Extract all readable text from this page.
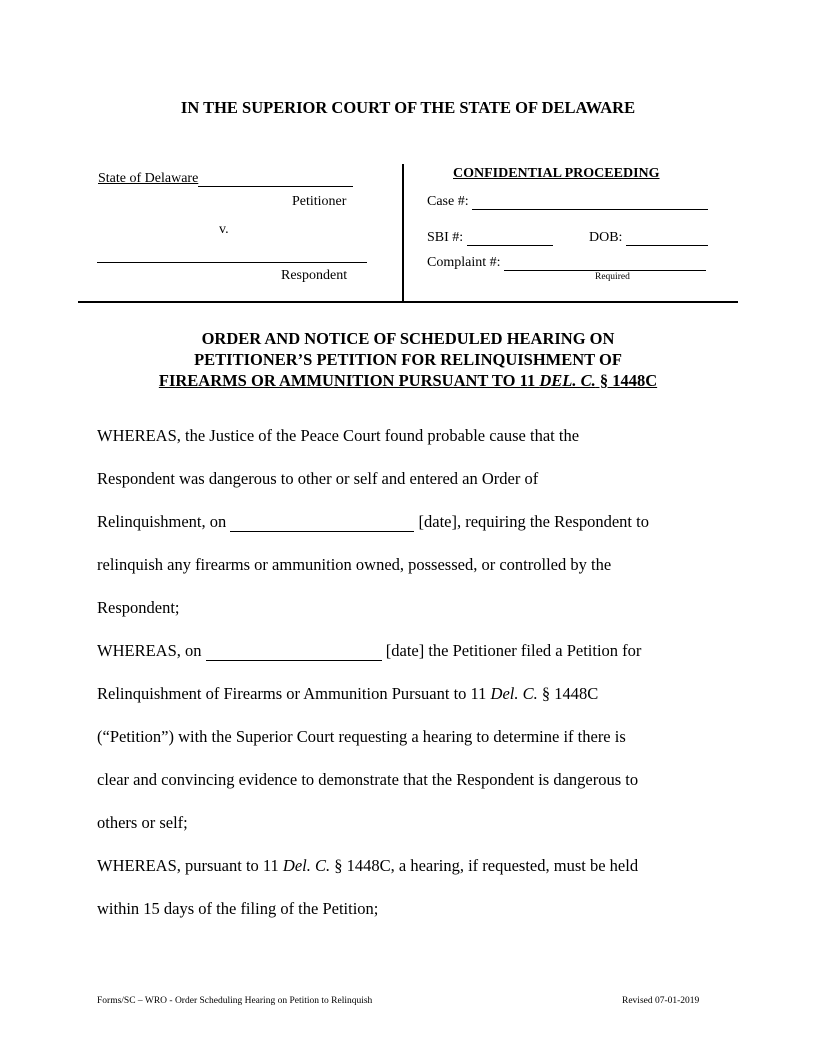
IN THE SUPERIOR COURT OF THE STATE OF DELAWARE
State of Delaware
Petitioner
v.
Respondent
CONFIDENTIAL PROCEEDING
Case #:
SBI #:	DOB:
Complaint #:
Required
ORDER AND NOTICE OF SCHEDULED HEARING ON
PETITIONER’S PETITION FOR RELINQUISHMENT OF
FIREARMS OR AMMUNITION PURSUANT TO 11 DEL. C. § 1448C
WHEREAS, the Justice of the Peace Court found probable cause that the
Respondent was dangerous to other or self and entered an Order of
Relinquishment, on	[date], requiring the Respondent to
relinquish any firearms or ammunition owned, possessed, or controlled by the
Respondent;
WHEREAS, on	[date] the Petitioner filed a Petition for
Relinquishment of Firearms or Ammunition Pursuant to 11 Del. C. § 1448C
(“Petition”) with the Superior Court requesting a hearing to determine if there is
clear and convincing evidence to demonstrate that the Respondent is dangerous to
others or self;
WHEREAS, pursuant to 11 Del. C. § 1448C, a hearing, if requested, must be held
within 15 days of the filing of the Petition;
Forms/SC – WRO - Order Scheduling Hearing on Petition to Relinquish	Revised 07-01-2019
